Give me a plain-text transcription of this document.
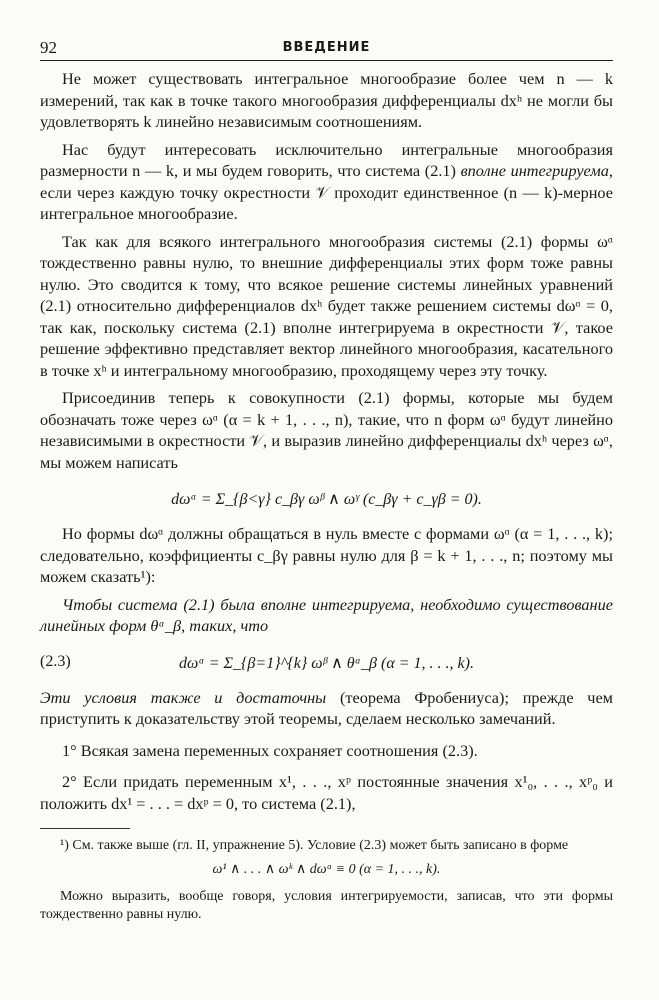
92	ВВЕДЕНИЕ

Не может существовать интегральное многообразие более чем n — k измерений, так как в точке такого многообразия дифференциалы dxʰ не могли бы удовлетворять k линейно независимым соотношениям.

Нас будут интересовать исключительно интегральные многообразия размерности n — k, и мы будем говорить, что система (2.1) вполне интегрируема, если через каждую точку окрестности 𝒱 проходит единственное (n — k)-мерное интегральное многообразие.

Так как для всякого интегрального многообразия системы (2.1) формы ωᵅ тождественно равны нулю, то внешние дифференциалы этих форм тоже равны нулю. Это сводится к тому, что всякое решение системы линейных уравнений (2.1) относительно дифференциалов dxʰ будет также решением системы dωᵅ = 0, так как, поскольку система (2.1) вполне интегрируема в окрестности 𝒱, такое решение эффективно представляет вектор линейного многообразия, касательного в точке xʰ и интегральному многообразию, проходящему через эту точку.

Присоединив теперь к совокупности (2.1) формы, которые мы будем обозначать тоже через ωᵅ (α = k + 1, . . ., n), такие, что n форм ωᵅ будут линейно независимыми в окрестности 𝒱, и выразив линейно дифференциалы dxʰ через ωᵅ, мы можем написать

dωᵅ = Σ_{β<γ} c_βγ ωᵝ ∧ ωᵞ (c_βγ + c_γβ = 0).

Но формы dωᵅ должны обращаться в нуль вместе с формами ωᵅ (α = 1, . . ., k); следовательно, коэффициенты c_βγ равны нулю для β = k + 1, . . ., n; поэтому мы можем сказать¹):

Чтобы система (2.1) была вполне интегрируема, необходимо существование линейных форм θᵅ_β, таких, что

(2.3)	dωᵅ = Σ_{β=1}^{k} ωᵝ ∧ θᵅ_β (α = 1, . . ., k).

Эти условия также и достаточны (теорема Фробениуса); прежде чем приступить к доказательству этой теоремы, сделаем несколько замечаний.

1° Всякая замена переменных сохраняет соотношения (2.3).

2° Если придать переменным x¹, . . ., xᵖ постоянные значения x¹₀, . . ., xᵖ₀ и положить dx¹ = . . . = dxᵖ = 0, то система (2.1),

¹) См. также выше (гл. II, упражнение 5). Условие (2.3) может быть записано в форме

ω¹ ∧ . . . ∧ ωᵏ ∧ dωᵅ ≡ 0 (α = 1, . . ., k).

Можно выразить, вообще говоря, условия интегрируемости, записав, что эти формы тождественно равны нулю.
